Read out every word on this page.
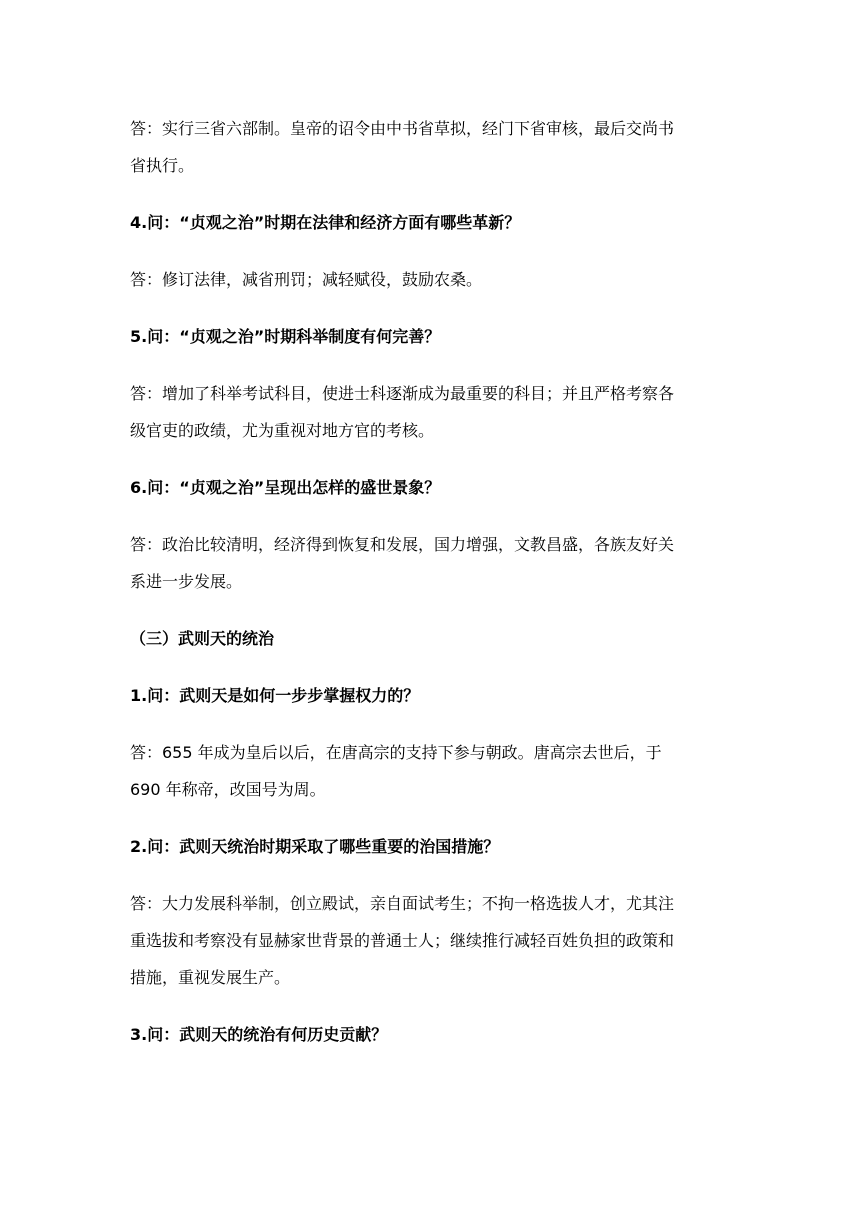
答：实行三省六部制。皇帝的诏令由中书省草拟，经门下省审核，最后交尚书

省执行。

4.问：“贞观之治”时期在法律和经济方面有哪些革新？

答：修订法律，减省刑罚；减轻赋役，鼓励农桑。

5.问：“贞观之治”时期科举制度有何完善？

答：增加了科举考试科目，使进士科逐渐成为最重要的科目；并且严格考察各

级官吏的政绩，尤为重视对地方官的考核。

6.问：“贞观之治”呈现出怎样的盛世景象？

答：政治比较清明，经济得到恢复和发展，国力增强，文教昌盛，各族友好关

系进一步发展。

（三）武则天的统治

1.问：武则天是如何一步步掌握权力的？

答：655 年成为皇后以后，在唐高宗的支持下参与朝政。唐高宗去世后，于

690 年称帝，改国号为周。

2.问：武则天统治时期采取了哪些重要的治国措施？

答：大力发展科举制，创立殿试，亲自面试考生；不拘一格选拔人才，尤其注

重选拔和考察没有显赫家世背景的普通士人；继续推行减轻百姓负担的政策和

措施，重视发展生产。

3.问：武则天的统治有何历史贡献？
